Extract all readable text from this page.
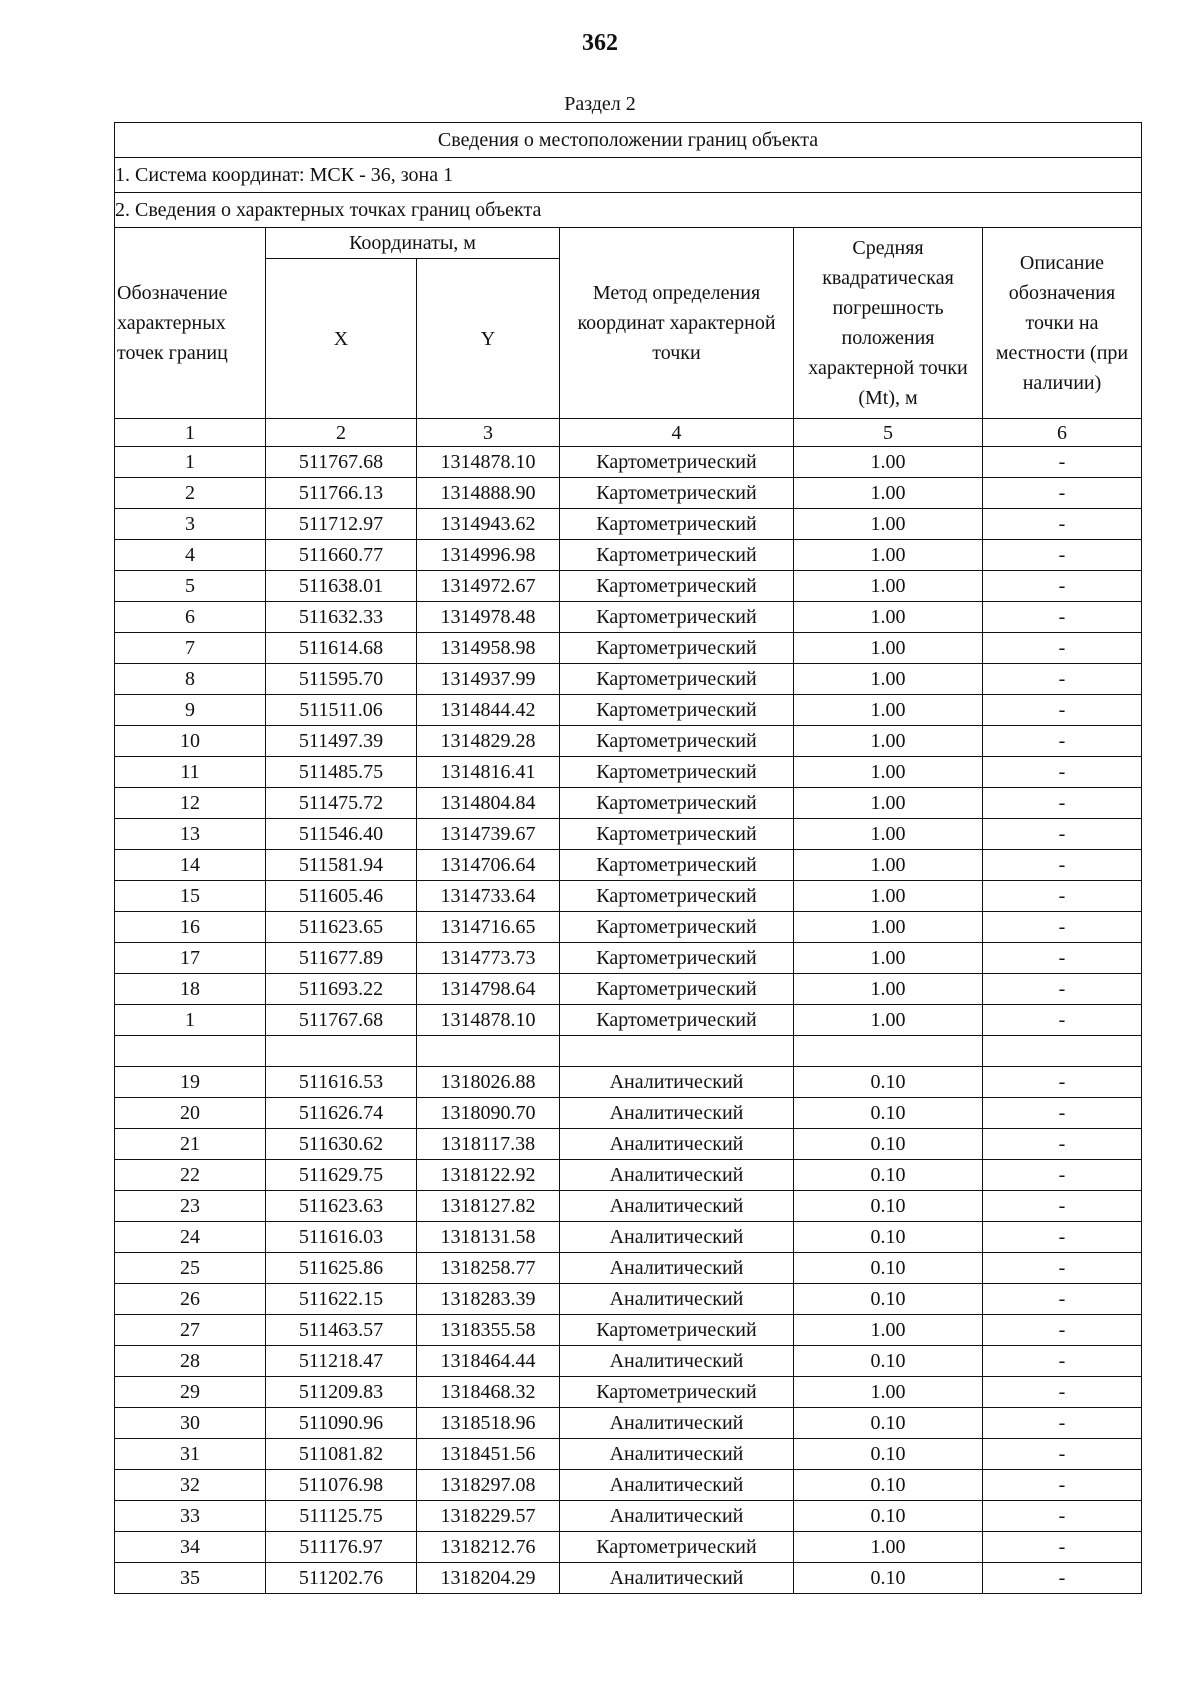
362
Раздел 2
Сведения о местоположении границ объекта					
1. Система координат: МСК - 36, зона 1					
2. Сведения о характерных точках границ объекта					
Обозначение характерных точек границ	Координаты, м		Метод определения координат характерной точки	Средняя квадратическая погрешность положения характерной точки (Mt), м	Описание обозначения точки на местности (при наличии)
	X	Y			
1	2	3	4	5	6
1	511767.68	1314878.10	Картометрический	1.00	-
2	511766.13	1314888.90	Картометрический	1.00	-
3	511712.97	1314943.62	Картометрический	1.00	-
4	511660.77	1314996.98	Картометрический	1.00	-
5	511638.01	1314972.67	Картометрический	1.00	-
6	511632.33	1314978.48	Картометрический	1.00	-
7	511614.68	1314958.98	Картометрический	1.00	-
8	511595.70	1314937.99	Картометрический	1.00	-
9	511511.06	1314844.42	Картометрический	1.00	-
10	511497.39	1314829.28	Картометрический	1.00	-
11	511485.75	1314816.41	Картометрический	1.00	-
12	511475.72	1314804.84	Картометрический	1.00	-
13	511546.40	1314739.67	Картометрический	1.00	-
14	511581.94	1314706.64	Картометрический	1.00	-
15	511605.46	1314733.64	Картометрический	1.00	-
16	511623.65	1314716.65	Картометрический	1.00	-
17	511677.89	1314773.73	Картометрический	1.00	-
18	511693.22	1314798.64	Картометрический	1.00	-
1	511767.68	1314878.10	Картометрический	1.00	-

19	511616.53	1318026.88	Аналитический	0.10	-
20	511626.74	1318090.70	Аналитический	0.10	-
21	511630.62	1318117.38	Аналитический	0.10	-
22	511629.75	1318122.92	Аналитический	0.10	-
23	511623.63	1318127.82	Аналитический	0.10	-
24	511616.03	1318131.58	Аналитический	0.10	-
25	511625.86	1318258.77	Аналитический	0.10	-
26	511622.15	1318283.39	Аналитический	0.10	-
27	511463.57	1318355.58	Картометрический	1.00	-
28	511218.47	1318464.44	Аналитический	0.10	-
29	511209.83	1318468.32	Картометрический	1.00	-
30	511090.96	1318518.96	Аналитический	0.10	-
31	511081.82	1318451.56	Аналитический	0.10	-
32	511076.98	1318297.08	Аналитический	0.10	-
33	511125.75	1318229.57	Аналитический	0.10	-
34	511176.97	1318212.76	Картометрический	1.00	-
35	511202.76	1318204.29	Аналитический	0.10	-
